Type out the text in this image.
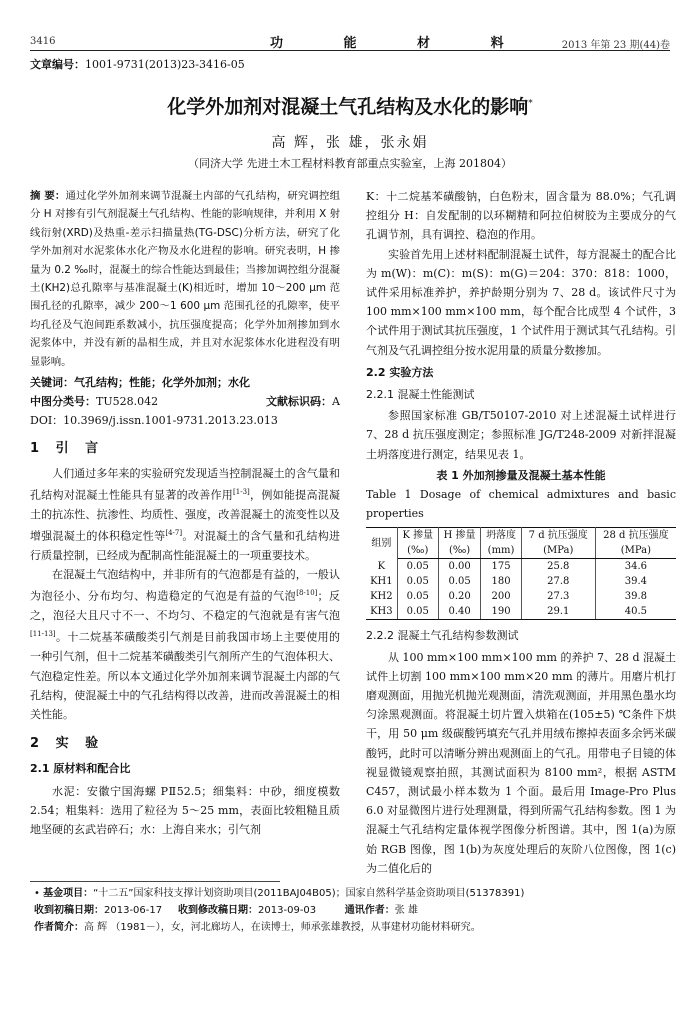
3416	功 能 材 料	2013 年第 23 期(44)卷
文章编号：1001-9731(2013)23-3416-05
化学外加剂对混凝土气孔结构及水化的影响*
高 辉，张 雄，张永娟
（同济大学 先进土木工程材料教育部重点实验室，上海 201804）
摘 要：通过化学外加剂来调节混凝土内部的气孔结构，研究调控组分 H 对掺有引气剂混凝土气孔结构、性能的影响规律，并利用 X 射线衍射(XRD)及热重-差示扫描量热(TG-DSC)分析方法，研究了化学外加剂对水泥浆体水化产物及水化进程的影响。研究表明，H 掺量为 0.2 ‰时，混凝土的综合性能达到最佳；当掺加调控组分混凝土(KH2)总孔隙率与基准混凝土(K)相近时，增加 10～200 μm 范围孔径的孔隙率，减少 200～1 600 μm 范围孔径的孔隙率，使平均孔径及气泡间距系数减小，抗压强度提高；化学外加剂掺加到水泥浆体中，并没有新的晶相生成，并且对水泥浆体水化进程没有明显影响。
关键词：气孔结构；性能；化学外加剂；水化
中图分类号：TU528.042	文献标识码：A
DOI：10.3969/j.issn.1001-9731.2013.23.013
1 引 言
人们通过多年来的实验研究发现适当控制混凝土的含气量和孔结构对混凝土性能具有显著的改善作用[1-3]，例如能提高混凝土的抗冻性、抗渗性、均质性、强度，改善混凝土的流变性以及增强混凝土的体积稳定性等[4-7]。对混凝土的含气量和孔结构进行质量控制，已经成为配制高性能混凝土的一项重要技术。
在混凝土气泡结构中，并非所有的气泡都是有益的，一般认为泡径小、分布均匀、构造稳定的气泡是有益的气泡[8-10]；反之，泡径大且尺寸不一、不均匀、不稳定的气泡就是有害气泡[11-13]。十二烷基苯磺酸类引气剂是目前我国市场上主要使用的一种引气剂，但十二烷基苯磺酸类引气剂所产生的气泡体积大、气泡稳定性差。所以本文通过化学外加剂来调节混凝土内部的气孔结构，使混凝土中的气孔结构得以改善，进而改善混凝土的相关性能。
2 实 验
2.1 原材料和配合比
水泥：安徽宁国海螺 PⅡ52.5；细集料：中砂，细度模数 2.54；粗集料：选用了粒径为 5～25 mm，表面比较粗糙且质地坚硬的玄武岩碎石；水：上海自来水；引气剂
K：十二烷基苯磺酸钠，白色粉末，固含量为 88.0%；气孔调控组分 H：自发配制的以环糊精和阿拉伯树胶为主要成分的气孔调节剂，具有调控、稳泡的作用。
实验首先用上述材料配制混凝土试件，每方混凝土的配合比为 m(W)：m(C)：m(S)：m(G)＝204：370：818：1000，试件采用标准养护，养护龄期分别为 7、28 d。该试件尺寸为 100 mm×100 mm×100 mm，每个配合比成型 4 个试件，3 个试件用于测试其抗压强度，1 个试件用于测试其气孔结构。引气剂及气孔调控组分按水泥用量的质量分数掺加。
2.2 实验方法
2.2.1 混凝土性能测试
参照国家标准 GB/T50107-2010 对上述混凝土试样进行 7、28 d 抗压强度测定；参照标准 JG/T248-2009 对新拌混凝土坍落度进行测定，结果见表 1。
表 1 外加剂掺量及混凝土基本性能
Table 1 Dosage of chemical admixtures and basic properties
组别	K 掺量	H 掺量	坍落度	7 d 抗压强度	28 d 抗压强度
	(‰)	(‰)	(mm)	(MPa)	(MPa)
K	0.05	0.00	175	25.8	34.6
KH1	0.05	0.05	180	27.8	39.4
KH2	0.05	0.20	200	27.3	39.8
KH3	0.05	0.40	190	29.1	40.5
2.2.2 混凝土气孔结构参数测试
从 100 mm×100 mm×100 mm 的养护 7、28 d 混凝土试件上切割 100 mm×100 mm×20 mm 的薄片。用磨片机打磨观测面，用抛光机抛光观测面，清洗观测面，并用黑色墨水均匀涂黑观测面。将混凝土切片置入烘箱在(105±5) ℃条件下烘干，用 50 μm 级碳酸钙填充气孔并用绒布擦掉表面多余钙米碳酸钙，此时可以清晰分辨出观测面上的气孔。用带电子目镜的体视显微镜观察拍照，其测试面积为 8100 mm²，根据 ASTM C457，测试最小样本数为 1 个面。最后用 Image-Pro Plus 6.0 对显微图片进行处理测量，得到所需气孔结构参数。图 1 为混凝土气孔结构定量体视学图像分析图谱。其中，图 1(a)为原始 RGB 图像，图 1(b)为灰度处理后的灰阶八位图像，图 1(c)为二值化后的
• 基金项目：“十二五”国家科技支撑计划资助项目(2011BAJ04B05)；国家自然科学基金资助项目(51378391)
收到初稿日期：2013-06-17 收到修改稿日期：2013-09-03	通讯作者：张 雄
作者简介：高 辉 （1981－），女，河北廊坊人，在读博士，师承张雄教授，从事建材功能材料研究。
